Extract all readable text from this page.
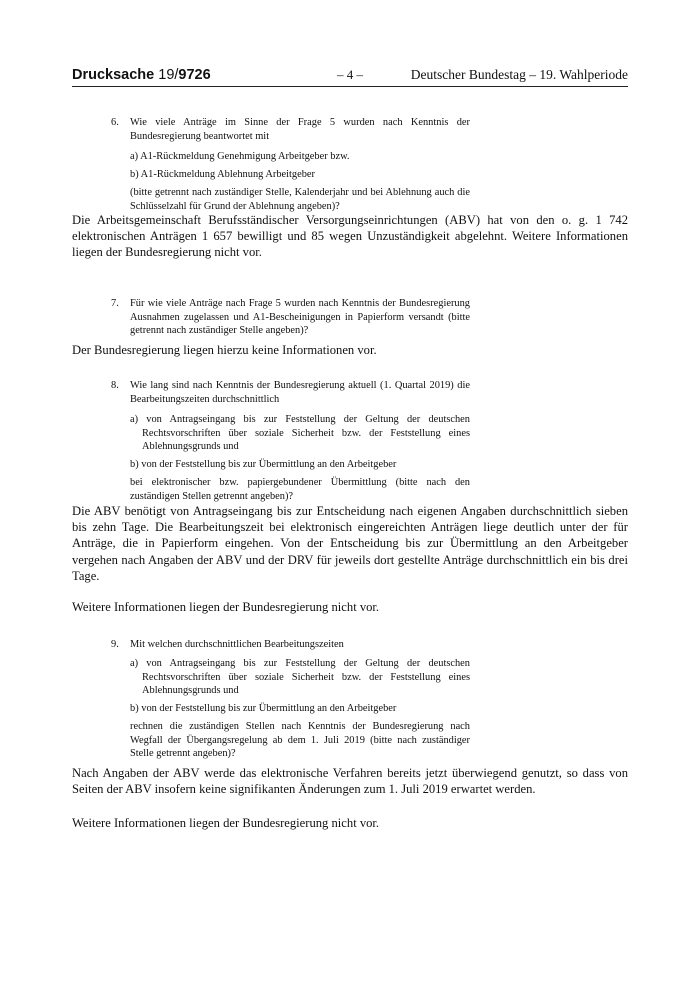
Drucksache 19/9726	– 4 –	Deutscher Bundestag – 19. Wahlperiode
6. Wie viele Anträge im Sinne der Frage 5 wurden nach Kenntnis der Bundesregierung beantwortet mit
a) A1-Rückmeldung Genehmigung Arbeitgeber bzw.
b) A1-Rückmeldung Ablehnung Arbeitgeber
(bitte getrennt nach zuständiger Stelle, Kalenderjahr und bei Ablehnung auch die Schlüsselzahl für Grund der Ablehnung angeben)?
Die Arbeitsgemeinschaft Berufsständischer Versorgungseinrichtungen (ABV) hat von den o. g. 1 742 elektronischen Anträgen 1 657 bewilligt und 85 wegen Unzuständigkeit abgelehnt. Weitere Informationen liegen der Bundesregierung nicht vor.
7. Für wie viele Anträge nach Frage 5 wurden nach Kenntnis der Bundesregierung Ausnahmen zugelassen und A1-Bescheinigungen in Papierform versandt (bitte getrennt nach zuständiger Stelle angeben)?
Der Bundesregierung liegen hierzu keine Informationen vor.
8. Wie lang sind nach Kenntnis der Bundesregierung aktuell (1. Quartal 2019) die Bearbeitungszeiten durchschnittlich
a) von Antragseingang bis zur Feststellung der Geltung der deutschen Rechtsvorschriften über soziale Sicherheit bzw. der Feststellung eines Ablehnungsgrunds und
b) von der Feststellung bis zur Übermittlung an den Arbeitgeber
bei elektronischer bzw. papiergebundener Übermittlung (bitte nach den zuständigen Stellen getrennt angeben)?
Die ABV benötigt von Antragseingang bis zur Entscheidung nach eigenen Angaben durchschnittlich sieben bis zehn Tage. Die Bearbeitungszeit bei elektronisch eingereichten Anträgen liege deutlich unter der für Anträge, die in Papierform eingehen. Von der Entscheidung bis zur Übermittlung an den Arbeitgeber vergehen nach Angaben der ABV und der DRV für jeweils dort gestellte Anträge durchschnittlich ein bis drei Tage.
Weitere Informationen liegen der Bundesregierung nicht vor.
9. Mit welchen durchschnittlichen Bearbeitungszeiten
a) von Antragseingang bis zur Feststellung der Geltung der deutschen Rechtsvorschriften über soziale Sicherheit bzw. der Feststellung eines Ablehnungsgrunds und
b) von der Feststellung bis zur Übermittlung an den Arbeitgeber
rechnen die zuständigen Stellen nach Kenntnis der Bundesregierung nach Wegfall der Übergangsregelung ab dem 1. Juli 2019 (bitte nach zuständiger Stelle getrennt angeben)?
Nach Angaben der ABV werde das elektronische Verfahren bereits jetzt überwiegend genutzt, so dass von Seiten der ABV insofern keine signifikanten Änderungen zum 1. Juli 2019 erwartet werden.
Weitere Informationen liegen der Bundesregierung nicht vor.
